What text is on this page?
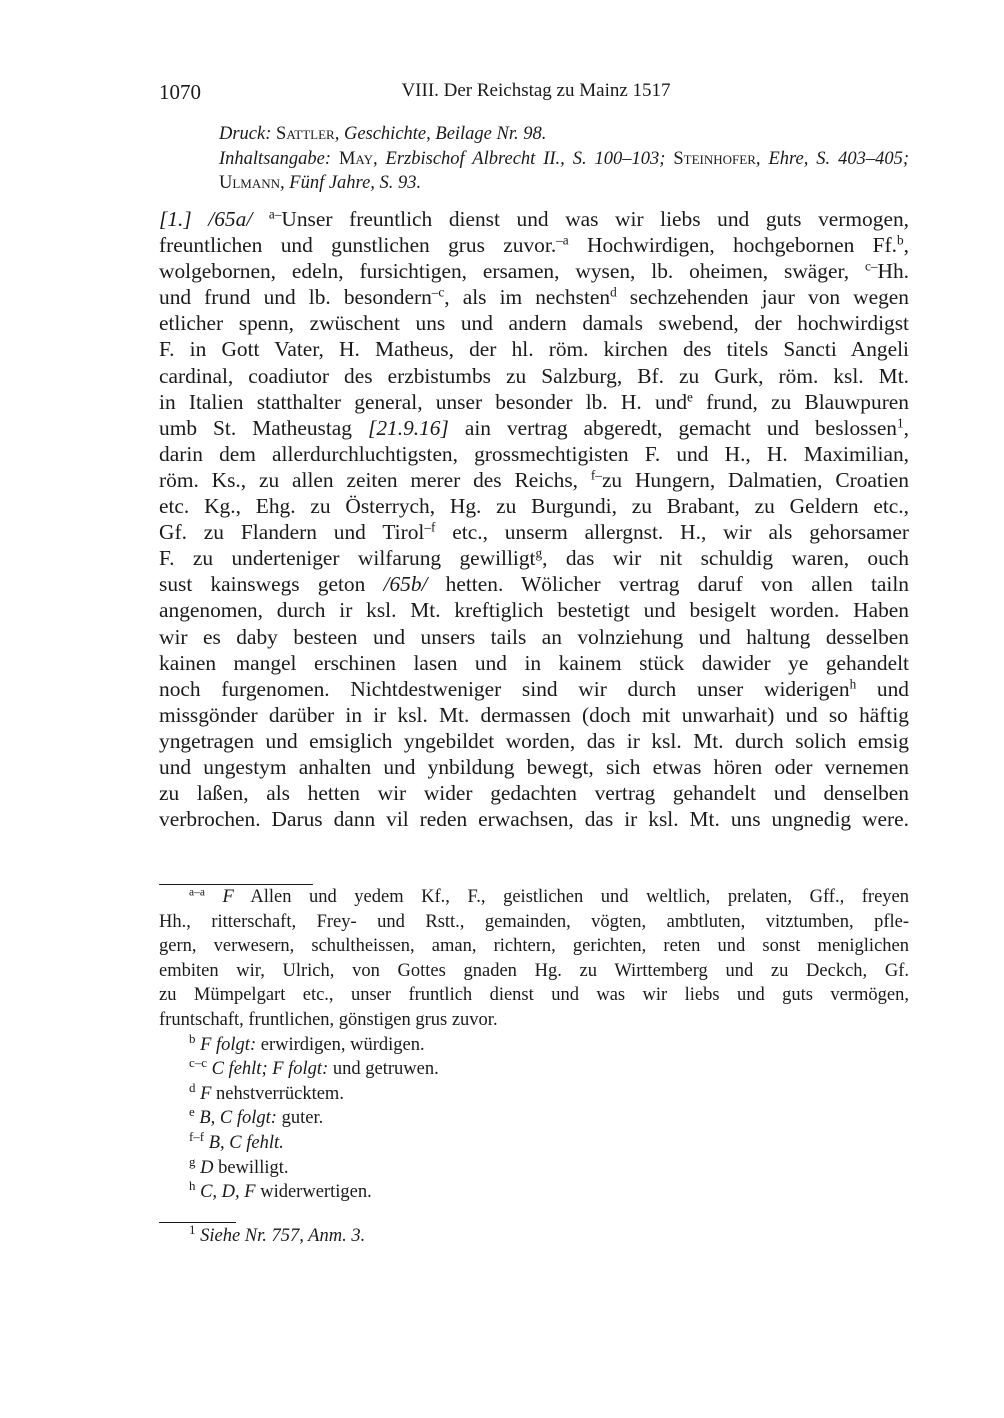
1070	VIII. Der Reichstag zu Mainz 1517

Druck: Sattler, Geschichte, Beilage Nr. 98.

Inhaltsangabe: May, Erzbischof Albrecht II., S. 100–103; Steinhofer, Ehre, S. 403–405; Ulmann, Fünf Jahre, S. 93.

[1.] /65a/ $^{a-}$Unser freuntlich dienst und was wir liebs und guts vermogen,
freuntlichen und gunstlichen grus zuvor.$^{-a}$ Hochwirdigen, hochgebornen Ff.$^b$,
wolgebornen, edeln, fursichtigen, ersamen, wysen, lb. oheimen, swäger, $^{c-}$Hh.
und frund und lb. besondern$^{-c}$, als im nechsten$^d$ sechzehenden jaur von wegen
etlicher spenn, zwüschent uns und andern damals swebend, der hochwirdigst
F. in Gott Vater, H. Matheus, der hl. röm. kirchen des titels Sancti Angeli
cardinal, coadiutor des erzbistumbs zu Salzburg, Bf. zu Gurk, röm. ksl. Mt.
in Italien statthalter general, unser besonder lb. H. und$^e$ frund, zu Blauwpuren
umb St. Matheustag [21.9.16] ain vertrag abgeredt, gemacht und beslossen$^1$,
darin dem allerdurchluchtigsten, grossmechtigisten F. und H., H. Maximilian,
röm. Ks., zu allen zeiten merer des Reichs, $^{f-}$zu Hungern, Dalmatien, Croatien
etc. Kg., Ehg. zu Österrych, Hg. zu Burgundi, zu Brabant, zu Geldern etc.,
Gf. zu Flandern und Tirol$^{-f}$ etc., unserm allergnst. H., wir als gehorsamer
F. zu underteniger wilfarung gewilligt$^g$, das wir nit schuldig waren, ouch
sust kainswegs geton /65b/ hetten. Wölicher vertrag daruf von allen tailn
angenomen, durch ir ksl. Mt. kreftiglich bestetigt und besigelt worden. Haben
wir es daby besteen und unsers tails an volnziehung und haltung desselben
kainen mangel erschinen lasen und in kainem stück dawider ye gehandelt
noch furgenomen. Nichtdestweniger sind wir durch unser widerigen$^h$ und
missgönder darüber in ir ksl. Mt. dermassen (doch mit unwarhait) und so häftig
yngetragen und emsiglich yngebildet worden, das ir ksl. Mt. durch solich emsig
und ungestym anhalten und ynbildung bewegt, sich etwas hören oder vernemen
zu laßen, als hetten wir wider gedachten vertrag gehandelt und denselben
verbrochen. Darus dann vil reden erwachsen, das ir ksl. Mt. uns ungnedig were.
$^{a-a}$ F Allen und yedem Kf., F., geistlichen und weltlich, prelaten, Gff., freyen
Hh., ritterschaft, Frey- und Rstt., gemainden, vögten, ambtluten, vitztumben, pfle-
gern, verwesern, schultheissen, aman, richtern, gerichten, reten und sonst meniglichen
embiten wir, Ulrich, von Gottes gnaden Hg. zu Wirttemberg und zu Deckch, Gf.
zu Mümpelgart etc., unser fruntlich dienst und was wir liebs und guts vermögen,
fruntschaft, fruntlichen, gönstigen grus zuvor.
$^b$ F folgt: erwirdigen, würdigen.
$^{c-c}$ C fehlt; F folgt: und getruwen.
$^d$ F nehstverrücktem.
$^e$ B, C folgt: guter.
$^{f-f}$ B, C fehlt.
$^g$ D bewilligt.
$^h$ C, D, F widerwertigen.
$^1$ Siehe Nr. 757, Anm. 3.
